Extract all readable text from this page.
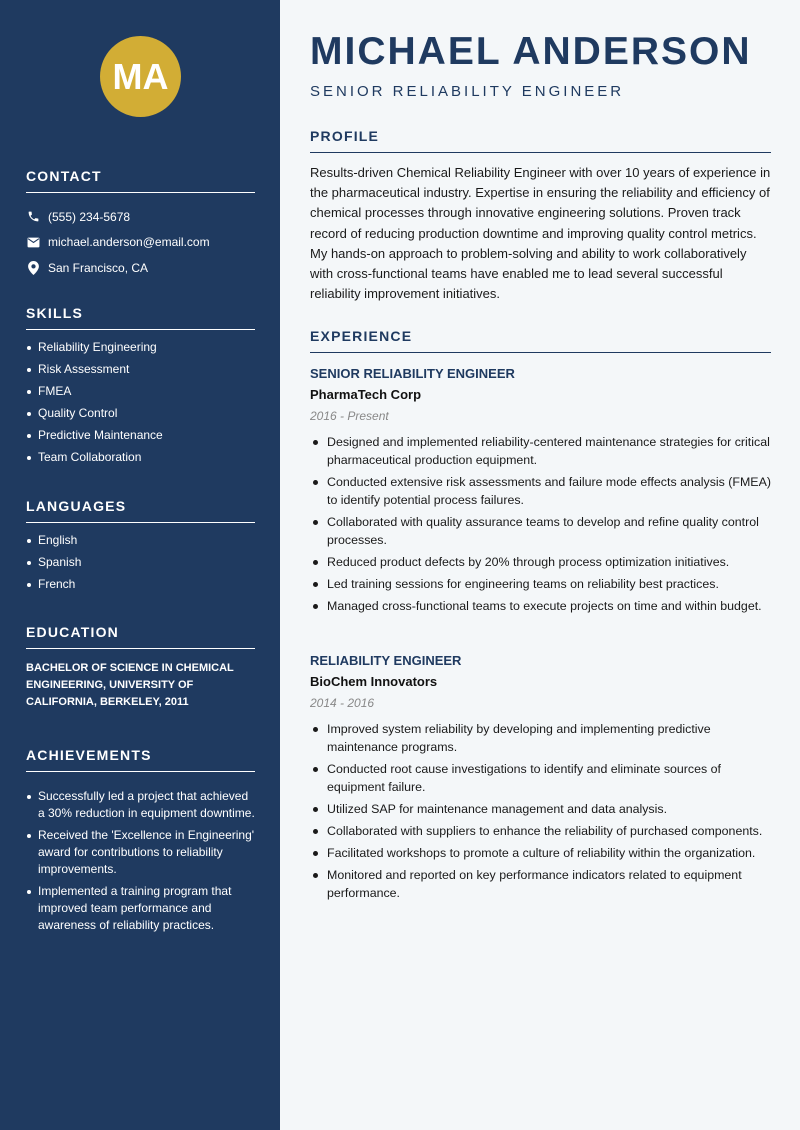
MA
CONTACT
(555) 234-5678
michael.anderson@email.com
San Francisco, CA
SKILLS
Reliability Engineering
Risk Assessment
FMEA
Quality Control
Predictive Maintenance
Team Collaboration
LANGUAGES
English
Spanish
French
EDUCATION
BACHELOR OF SCIENCE IN CHEMICAL ENGINEERING, UNIVERSITY OF CALIFORNIA, BERKELEY, 2011
ACHIEVEMENTS
Successfully led a project that achieved a 30% reduction in equipment downtime.
Received the 'Excellence in Engineering' award for contributions to reliability improvements.
Implemented a training program that improved team performance and awareness of reliability practices.
MICHAEL ANDERSON
SENIOR RELIABILITY ENGINEER
PROFILE

Results-driven Chemical Reliability Engineer with over 10 years of experience in the pharmaceutical industry. Expertise in ensuring the reliability and efficiency of chemical processes through innovative engineering solutions. Proven track record of reducing production downtime and improving quality control metrics. My hands-on approach to problem-solving and ability to work collaboratively with cross-functional teams have enabled me to lead several successful reliability improvement initiatives.

EXPERIENCE
SENIOR RELIABILITY ENGINEER
PharmaTech Corp
2016 - Present
Designed and implemented reliability-centered maintenance strategies for critical pharmaceutical production equipment.
Conducted extensive risk assessments and failure mode effects analysis (FMEA) to identify potential process failures.
Collaborated with quality assurance teams to develop and refine quality control processes.
Reduced product defects by 20% through process optimization initiatives.
Led training sessions for engineering teams on reliability best practices.
Managed cross-functional teams to execute projects on time and within budget.
RELIABILITY ENGINEER
BioChem Innovators
2014 - 2016
Improved system reliability by developing and implementing predictive maintenance programs.
Conducted root cause investigations to identify and eliminate sources of equipment failure.
Utilized SAP for maintenance management and data analysis.
Collaborated with suppliers to enhance the reliability of purchased components.
Facilitated workshops to promote a culture of reliability within the organization.
Monitored and reported on key performance indicators related to equipment performance.
